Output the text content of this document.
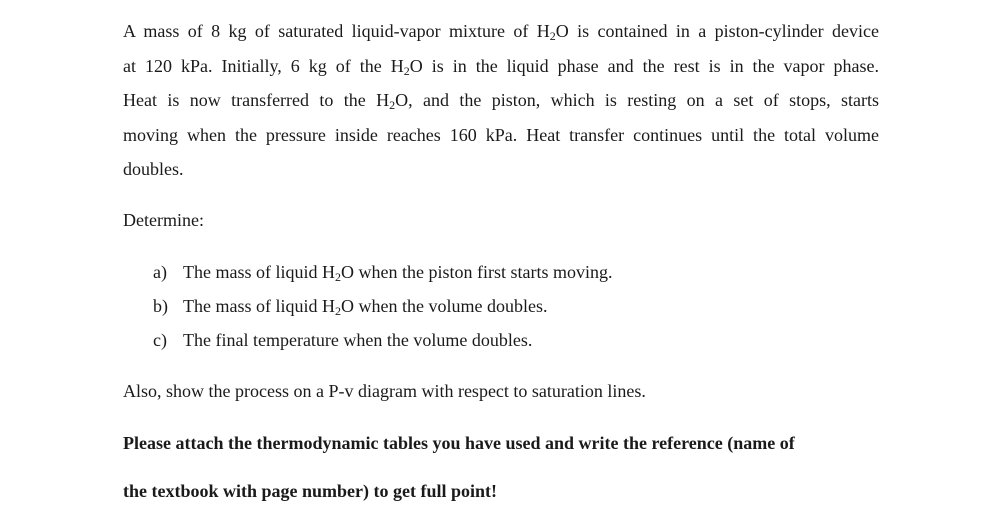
A mass of 8 kg of saturated liquid-vapor mixture of $H_2O$ is contained in a piston-cylinder device
at 120 kPa. Initially, 6 kg of the $H_2O$ is in the liquid phase and the rest is in the vapor phase.
Heat is now transferred to the $H_2O$, and the piston, which is resting on a set of stops, starts
moving when the pressure inside reaches 160 kPa. Heat transfer continues until the total volume
doubles.
Determine:
a) The mass of liquid $H_2O$ when the piston first starts moving.
b) The mass of liquid $H_2O$ when the volume doubles.
c) The final temperature when the volume doubles.
Also, show the process on a P-v diagram with respect to saturation lines.
Please attach the thermodynamic tables you have used and write the reference (name of
the textbook with page number) to get full point!
